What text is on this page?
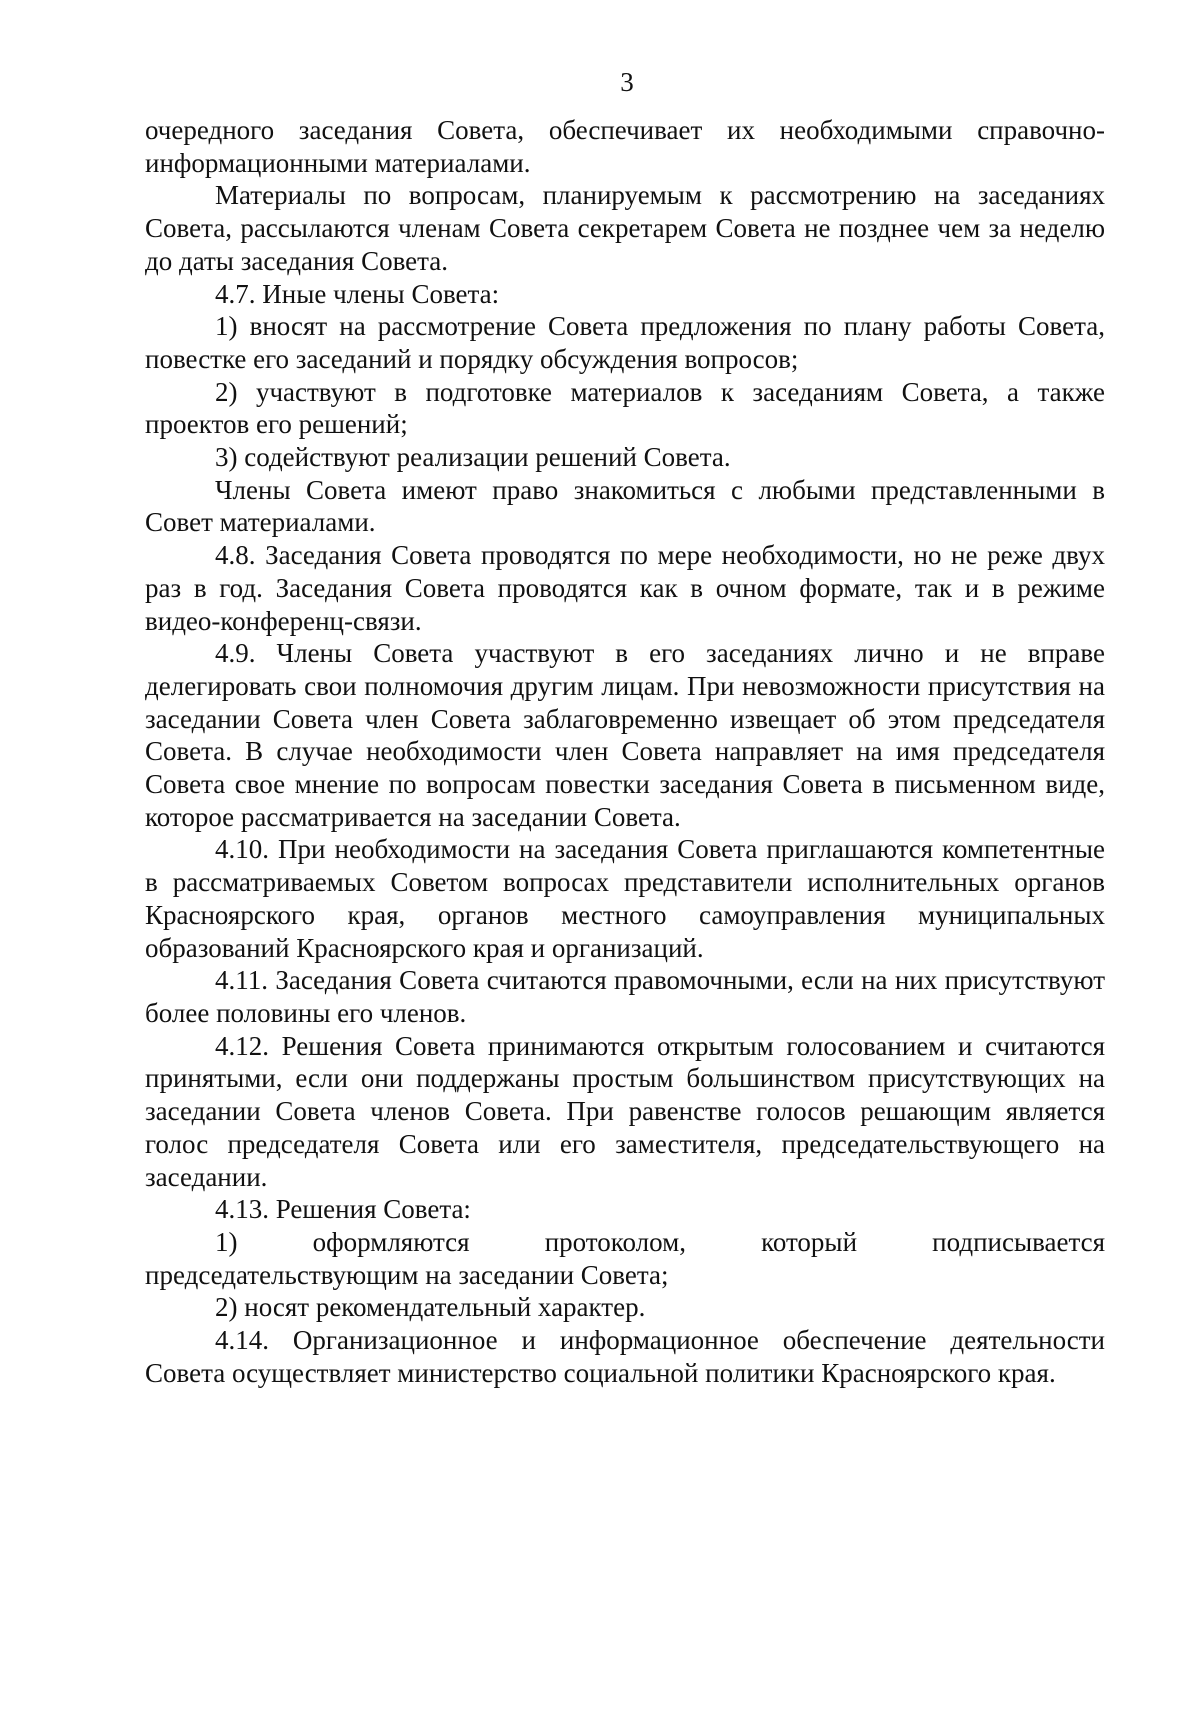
3

очередного заседания Совета, обеспечивает их необходимыми справочно-информационными материалами.

Материалы по вопросам, планируемым к рассмотрению на заседаниях Совета, рассылаются членам Совета секретарем Совета не позднее чем за неделю до даты заседания Совета.

4.7. Иные члены Совета:

1) вносят на рассмотрение Совета предложения по плану работы Совета, повестке его заседаний и порядку обсуждения вопросов;

2) участвуют в подготовке материалов к заседаниям Совета, а также проектов его решений;

3) содействуют реализации решений Совета.

Члены Совета имеют право знакомиться с любыми представленными в Совет материалами.

4.8. Заседания Совета проводятся по мере необходимости, но не реже двух раз в год. Заседания Совета проводятся как в очном формате, так и в режиме видео-конференц-связи.

4.9. Члены Совета участвуют в его заседаниях лично и не вправе делегировать свои полномочия другим лицам. При невозможности присутствия на заседании Совета член Совета заблаговременно извещает об этом председателя Совета. В случае необходимости член Совета направляет на имя председателя Совета свое мнение по вопросам повестки заседания Совета в письменном виде, которое рассматривается на заседании Совета.

4.10. При необходимости на заседания Совета приглашаются компетентные в рассматриваемых Советом вопросах представители исполнительных органов Красноярского края, органов местного самоуправления муниципальных образований Красноярского края и организаций.

4.11. Заседания Совета считаются правомочными, если на них присутствуют более половины его членов.

4.12. Решения Совета принимаются открытым голосованием и считаются принятыми, если они поддержаны простым большинством присутствующих на заседании Совета членов Совета. При равенстве голосов решающим является голос председателя Совета или его заместителя, председательствующего на заседании.

4.13. Решения Совета:

1) оформляются протоколом, который подписывается председательствующим на заседании Совета;

2) носят рекомендательный характер.

4.14. Организационное и информационное обеспечение деятельности Совета осуществляет министерство социальной политики Красноярского края.
